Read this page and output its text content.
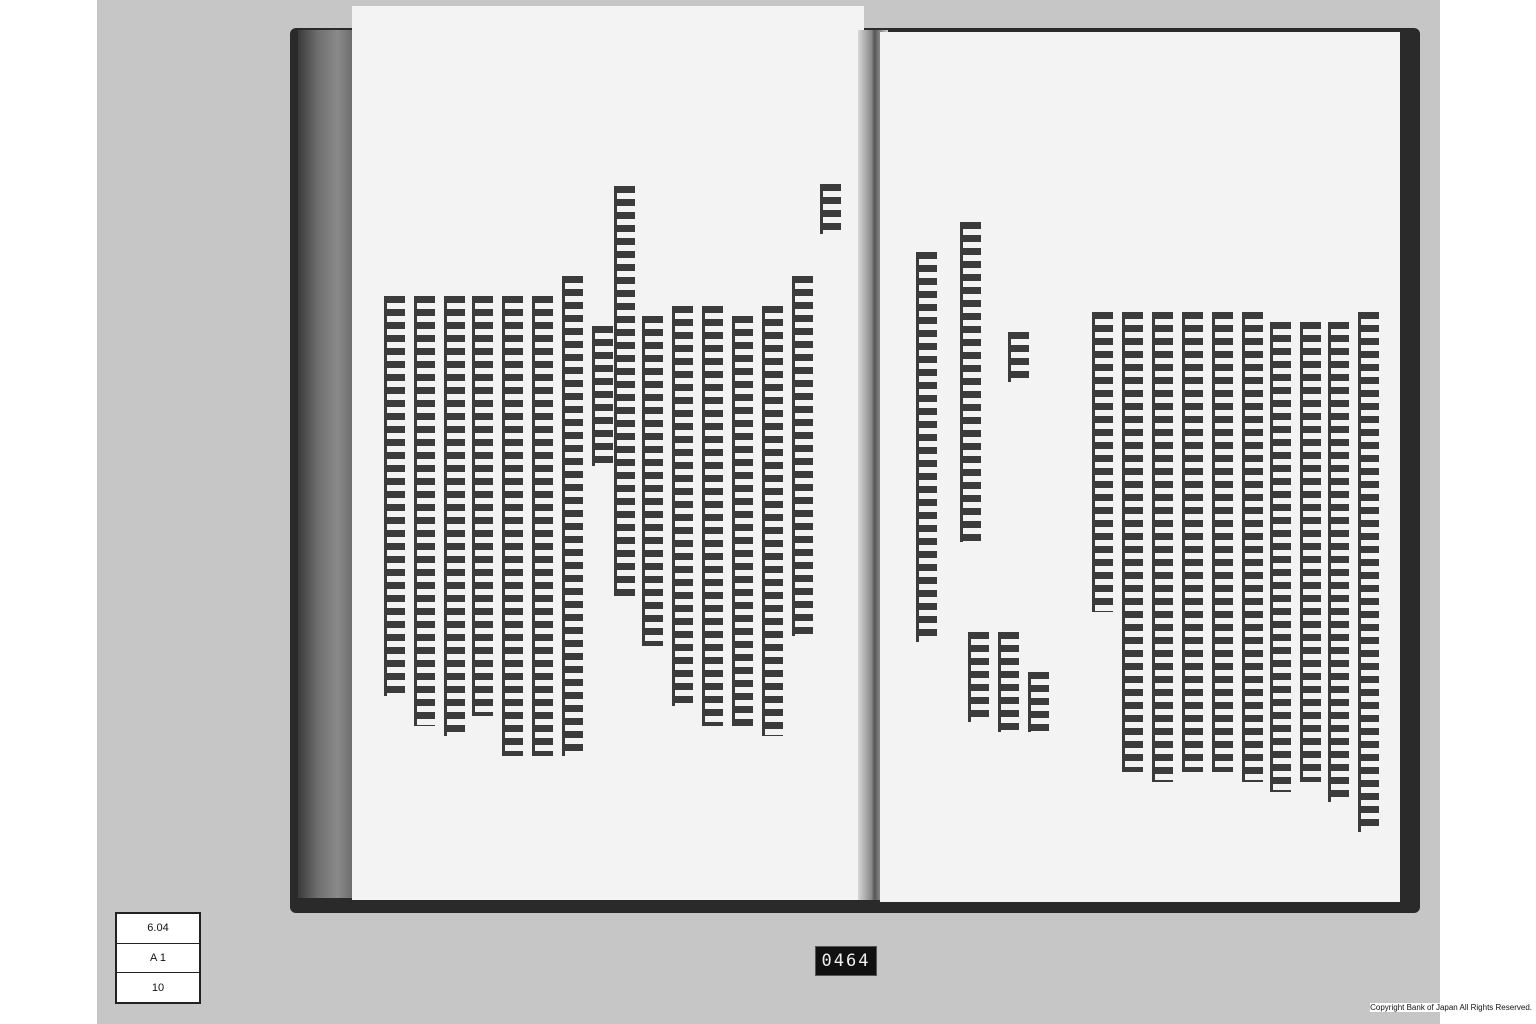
6.04
A 1
10
0464
Copyright Bank of Japan All Rights Reserved.
